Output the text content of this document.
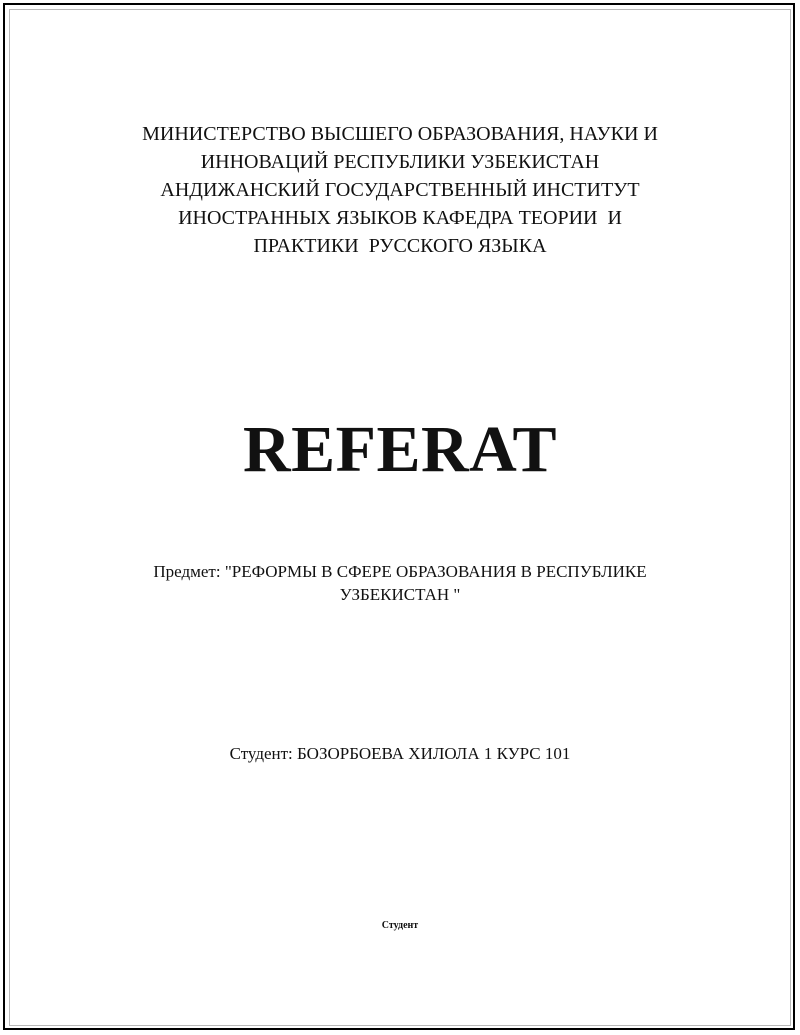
МИНИСТЕРСТВО ВЫСШЕГО ОБРАЗОВАНИЯ, НАУКИ И
ИННОВАЦИЙ РЕСПУБЛИКИ УЗБЕКИСТАН
АНДИЖАНСКИЙ ГОСУДАРСТВЕННЫЙ ИНСТИТУТ
ИНОСТРАННЫХ ЯЗЫКОВ КАФЕДРА ТЕОРИИ  И
ПРАКТИКИ  РУССКОГО ЯЗЫКА
REFERAT
Предмет: "РЕФОРМЫ В СФЕРЕ ОБРАЗОВАНИЯ В РЕСПУБЛИКЕ
УЗБЕКИСТАН "
Студент: БОЗОРБОЕВА ХИЛОЛА 1 КУРС 101
Студент
